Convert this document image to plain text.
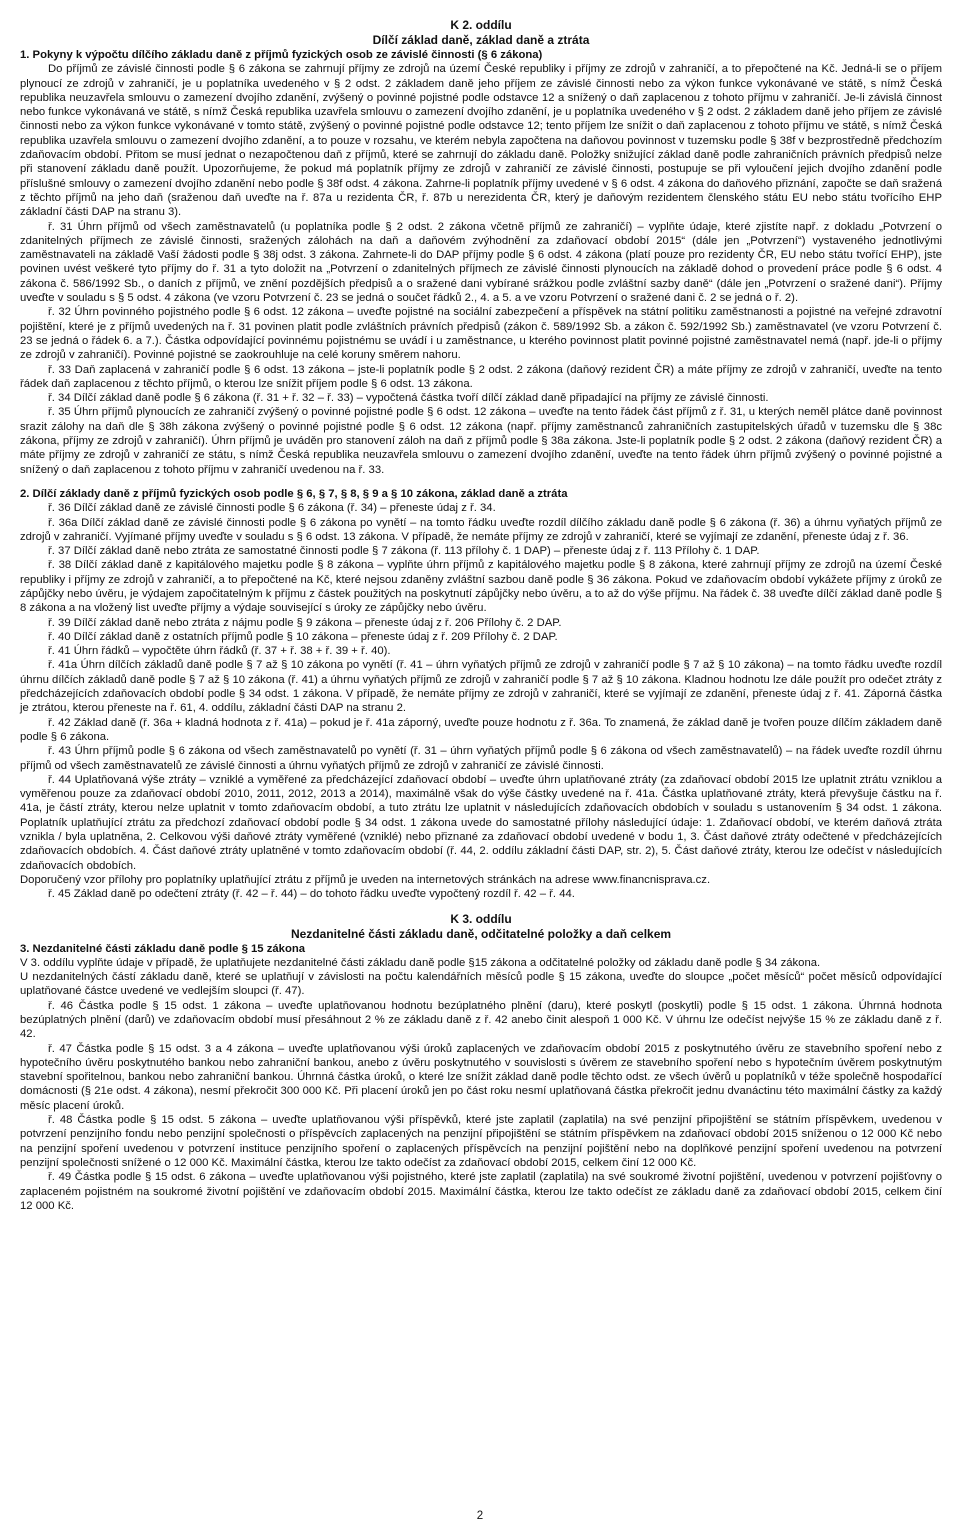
K 2. oddílu
Dílčí základ daně, základ daně a ztráta

1. Pokyny k výpočtu dílčího základu daně z příjmů fyzických osob ze závislé činnosti (§ 6 zákona)

Do příjmů ze závislé činnosti podle § 6 zákona se zahrnují příjmy ze zdrojů na území České republiky i příjmy ze zdrojů v zahraničí, a to přepočtené na Kč. Jedná-li se o příjem plynoucí ze zdrojů v zahraničí, je u poplatníka uvedeného v § 2 odst. 2 základem daně jeho příjem ze závislé činnosti nebo za výkon funkce vykonávané ve státě, s nímž Česká republika neuzavřela smlouvu o zamezení dvojího zdanění, zvýšený o povinné pojistné podle odstavce 12 a snížený o daň zaplacenou z tohoto příjmu v zahraničí. Je-li závislá činnost nebo funkce vykonávaná ve státě, s nímž Česká republika uzavřela smlouvu o zamezení dvojího zdanění, je u poplatníka uvedeného v § 2 odst. 2 základem daně jeho příjem ze závislé činnosti nebo za výkon funkce vykonávané v tomto státě, zvýšený o povinné pojistné podle odstavce 12; tento příjem lze snížit o daň zaplacenou z tohoto příjmu ve státě, s nímž Česká republika uzavřela smlouvu o zamezení dvojího zdanění, a to pouze v rozsahu, ve kterém nebyla započtena na daňovou povinnost v tuzemsku podle § 38f v bezprostředně předchozím zdaňovacím období. Přitom se musí jednat o nezapočtenou daň z příjmů, které se zahrnují do základu daně. Položky snižující základ daně podle zahraničních právních předpisů nelze při stanovení základu daně použít. Upozorňujeme, že pokud má poplatník příjmy ze zdrojů v zahraničí ze závislé činnosti, postupuje se při vyloučení jejich dvojího zdanění podle příslušné smlouvy o zamezení dvojího zdanění nebo podle § 38f odst. 4 zákona. Zahrne-li poplatník příjmy uvedené v § 6 odst. 4 zákona do daňového přiznání, započte se daň sražená z těchto příjmů na jeho daň (sraženou daň uveďte na ř. 87a u rezidenta ČR, ř. 87b u nerezidenta ČR, který je daňovým rezidentem členského státu EU nebo státu tvořícího EHP základní části DAP na stranu 3).

ř. 31 Úhrn příjmů od všech zaměstnavatelů (u poplatníka podle § 2 odst. 2 zákona včetně příjmů ze zahraničí) – vyplňte údaje, které zjistíte např. z dokladu „Potvrzení o zdanitelných příjmech ze závislé činnosti, sražených zálohách na daň a daňovém zvýhodnění za zdaňovací období 2015“ (dále jen „Potvrzení“) vystaveného jednotlivými zaměstnavateli na základě Vaší žádosti podle § 38j odst. 3 zákona. Zahrnete-li do DAP příjmy podle § 6 odst. 4 zákona (platí pouze pro rezidenty ČR, EU nebo státu tvořící EHP), jste povinen uvést veškeré tyto příjmy do ř. 31 a tyto doložit na „Potvrzení o zdanitelných příjmech ze závislé činnosti plynoucích na základě dohod o provedení práce podle § 6 odst. 4 zákona č. 586/1992 Sb., o daních z příjmů, ve znění pozdějších předpisů a o sražené dani vybírané srážkou podle zvláštní sazby daně“ (dále jen „Potvrzení o sražené dani“). Příjmy uveďte v souladu s § 5 odst. 4 zákona (ve vzoru Potvrzení č. 23 se jedná o součet řádků 2., 4. a 5. a ve vzoru Potvrzení o sražené dani č. 2 se jedná o ř. 2).

ř. 32 Úhrn povinného pojistného podle § 6 odst. 12 zákona – uveďte pojistné na sociální zabezpečení a příspěvek na státní politiku zaměstnanosti a pojistné na veřejné zdravotní pojištění, které je z příjmů uvedených na ř. 31 povinen platit podle zvláštních právních předpisů (zákon č. 589/1992 Sb. a zákon č. 592/1992 Sb.) zaměstnavatel (ve vzoru Potvrzení č. 23 se jedná o řádek 6. a 7.). Částka odpovídající povinnému pojistnému se uvádí i u zaměstnance, u kterého povinnost platit povinné pojistné zaměstnavatel nemá (např. jde-li o příjmy ze zdrojů v zahraničí). Povinné pojistné se zaokrouhluje na celé koruny směrem nahoru.

ř. 33 Daň zaplacená v zahraničí podle § 6 odst. 13 zákona – jste-li poplatník podle § 2 odst. 2 zákona (daňový rezident ČR) a máte příjmy ze zdrojů v zahraničí, uveďte na tento řádek daň zaplacenou z těchto příjmů, o kterou lze snížit příjem podle § 6 odst. 13 zákona.

ř. 34 Dílčí základ daně podle § 6 zákona (ř. 31 + ř. 32 – ř. 33) – vypočtená částka tvoří dílčí základ daně připadající na příjmy ze závislé činnosti.

ř. 35 Úhrn příjmů plynoucích ze zahraničí zvýšený o povinné pojistné podle § 6 odst. 12 zákona – uveďte na tento řádek část příjmů z ř. 31, u kterých neměl plátce daně povinnost srazit zálohy na daň dle § 38h zákona zvýšený o povinné pojistné podle § 6 odst. 12 zákona (např. příjmy zaměstnanců zahraničních zastupitelských úřadů v tuzemsku dle § 38c zákona, příjmy ze zdrojů v zahraničí). Úhrn příjmů je uváděn pro stanovení záloh na daň z příjmů podle § 38a zákona. Jste-li poplatník podle § 2 odst. 2 zákona (daňový rezident ČR) a máte příjmy ze zdrojů v zahraničí ze státu, s nímž Česká republika neuzavřela smlouvu o zamezení dvojího zdanění, uveďte na tento řádek úhrn příjmů zvýšený o povinné pojistné a snížený o daň zaplacenou z tohoto příjmu v zahraničí uvedenou na ř. 33.

2. Dílčí základy daně z příjmů fyzických osob podle § 6, § 7, § 8, § 9 a § 10 zákona, základ daně a ztráta

ř. 36 Dílčí základ daně ze závislé činnosti podle § 6 zákona (ř. 34) – přeneste údaj z ř. 34.

ř. 36a Dílčí základ daně ze závislé činnosti podle § 6 zákona po vynětí – na tomto řádku uveďte rozdíl dílčího základu daně podle § 6 zákona (ř. 36) a úhrnu vyňatých příjmů ze zdrojů v zahraničí. Vyjímané příjmy uveďte v souladu s § 6 odst. 13 zákona. V případě, že nemáte příjmy ze zdrojů v zahraničí, které se vyjímají ze zdanění, přeneste údaj z ř. 36.

ř. 37 Dílčí základ daně nebo ztráta ze samostatné činnosti podle § 7 zákona (ř. 113 přílohy č. 1 DAP) – přeneste údaj z ř. 113 Přílohy č. 1 DAP.

ř. 38 Dílčí základ daně z kapitálového majetku podle § 8 zákona – vyplňte úhrn příjmů z kapitálového majetku podle § 8 zákona, které zahrnují příjmy ze zdrojů na území České republiky i příjmy ze zdrojů v zahraničí, a to přepočtené na Kč, které nejsou zdaněny zvláštní sazbou daně podle § 36 zákona. Pokud ve zdaňovacím období vykážete příjmy z úroků ze zápůjčky nebo úvěru, je výdajem započitatelným k příjmu z částek použitých na poskytnutí zápůjčky nebo úvěru, a to až do výše příjmu. Na řádek č. 38 uveďte dílčí základ daně podle § 8 zákona a na vložený list uveďte příjmy a výdaje související s úroky ze zápůjčky nebo úvěru.

ř. 39 Dílčí základ daně nebo ztráta z nájmu podle § 9 zákona – přeneste údaj z ř. 206 Přílohy č. 2 DAP.

ř. 40 Dílčí základ daně z ostatních příjmů podle § 10 zákona – přeneste údaj z ř. 209 Přílohy č. 2 DAP.

ř. 41 Úhrn řádků – vypočtěte úhrn řádků (ř. 37 + ř. 38 + ř. 39 + ř. 40).

ř. 41a Úhrn dílčích základů daně podle § 7 až § 10 zákona po vynětí (ř. 41 – úhrn vyňatých příjmů ze zdrojů v zahraničí podle § 7 až § 10 zákona) – na tomto řádku uveďte rozdíl úhrnu dílčích základů daně podle § 7 až § 10 zákona (ř. 41) a úhrnu vyňatých příjmů ze zdrojů v zahraničí podle § 7 až § 10 zákona. Kladnou hodnotu lze dále použít pro odečet ztráty z předcházejících zdaňovacích období podle § 34 odst. 1 zákona. V případě, že nemáte příjmy ze zdrojů v zahraničí, které se vyjímají ze zdanění, přeneste údaj z ř. 41. Záporná částka je ztrátou, kterou přeneste na ř. 61, 4. oddílu, základní části DAP na stranu 2.

ř. 42 Základ daně (ř. 36a + kladná hodnota z ř. 41a) – pokud je ř. 41a záporný, uveďte pouze hodnotu z ř. 36a. To znamená, že základ daně je tvořen pouze dílčím základem daně podle § 6 zákona.

ř. 43 Úhrn příjmů podle § 6 zákona od všech zaměstnavatelů po vynětí (ř. 31 – úhrn vyňatých příjmů podle § 6 zákona od všech zaměstnavatelů) – na řádek uveďte rozdíl úhrnu příjmů od všech zaměstnavatelů ze závislé činnosti a úhrnu vyňatých příjmů ze zdrojů v zahraničí ze závislé činnosti.

ř. 44 Uplatňovaná výše ztráty – vzniklé a vyměřené za předcházející zdaňovací období – uveďte úhrn uplatňované ztráty (za zdaňovací období 2015 lze uplatnit ztrátu vzniklou a vyměřenou pouze za zdaňovací období 2010, 2011, 2012, 2013 a 2014), maximálně však do výše částky uvedené na ř. 41a. Částka uplatňované ztráty, která převyšuje částku na ř. 41a, je částí ztráty, kterou nelze uplatnit v tomto zdaňovacím období, a tuto ztrátu lze uplatnit v následujících zdaňovacích obdobích v souladu s ustanovením § 34 odst. 1 zákona. Poplatník uplatňující ztrátu za předchozí zdaňovací období podle § 34 odst. 1 zákona uvede do samostatné přílohy následující údaje: 1. Zdaňovací období, ve kterém daňová ztráta vznikla / byla uplatněna, 2. Celkovou výši daňové ztráty vyměřené (vzniklé) nebo přiznané za zdaňovací období uvedené v bodu 1, 3. Část daňové ztráty odečtené v předcházejících zdaňovacích obdobích. 4. Část daňové ztráty uplatněné v tomto zdaňovacím období (ř. 44, 2. oddílu základní části DAP, str. 2), 5. Část daňové ztráty, kterou lze odečíst v následujících zdaňovacích obdobích.

Doporučený vzor přílohy pro poplatníky uplatňující ztrátu z příjmů je uveden na internetových stránkách na adrese www.financnisprava.cz.

ř. 45 Základ daně po odečtení ztráty (ř. 42 – ř. 44) – do tohoto řádku uveďte vypočtený rozdíl ř. 42 – ř. 44.

K 3. oddílu
Nezdanitelné části základu daně, odčitatelné položky a daň celkem

3. Nezdanitelné části základu daně podle § 15 zákona

V 3. oddílu vyplňte údaje v případě, že uplatňujete nezdanitelné části základu daně podle §15 zákona a odčitatelné položky od základu daně podle § 34 zákona.

U nezdanitelných částí základu daně, které se uplatňují v závislosti na počtu kalendářních měsíců podle § 15 zákona, uveďte do sloupce „počet měsíců“ počet měsíců odpovídající uplatňované částce uvedené ve vedlejším sloupci (ř. 47).

ř. 46 Částka podle § 15 odst. 1 zákona – uveďte uplatňovanou hodnotu bezúplatného plnění (daru), které poskytl (poskytli) podle § 15 odst. 1 zákona. Úhrnná hodnota bezúplatných plnění (darů) ve zdaňovacím období musí přesáhnout 2 % ze základu daně z ř. 42 anebo činit alespoň 1 000 Kč. V úhrnu lze odečíst nejvýše 15 % ze základu daně z ř. 42.

ř. 47 Částka podle § 15 odst. 3 a 4 zákona – uveďte uplatňovanou výši úroků zaplacených ve zdaňovacím období 2015 z poskytnutého úvěru ze stavebního spoření nebo z hypotečního úvěru poskytnutého bankou nebo zahraniční bankou, anebo z úvěru poskytnutého v souvislosti s úvěrem ze stavebního spoření nebo s hypotečním úvěrem poskytnutým stavební spořitelnou, bankou nebo zahraniční bankou. Úhrnná částka úroků, o které lze snížit základ daně podle těchto odst. ze všech úvěrů u poplatníků v téže společně hospodařící domácnosti (§ 21e odst. 4 zákona), nesmí překročit 300 000 Kč. Při placení úroků jen po část roku nesmí uplatňovaná částka překročit jednu dvanáctinu této maximální částky za každý měsíc placení úroků.

ř. 48 Částka podle § 15 odst. 5 zákona – uveďte uplatňovanou výši příspěvků, které jste zaplatil (zaplatila) na své penzijní připojištění se státním příspěvkem, uvedenou v potvrzení penzijního fondu nebo penzijní společnosti o příspěvcích zaplacených na penzijní připojištění se státním příspěvkem na zdaňovací období 2015 sníženou o 12 000 Kč nebo na penzijní spoření uvedenou v potvrzení instituce penzijního spoření o zaplacených příspěvcích na penzijní pojištění nebo na doplňkové penzijní spoření uvedenou na potvrzení penzijní společnosti snížené o 12 000 Kč. Maximální částka, kterou lze takto odečíst za zdaňovací období 2015, celkem činí 12 000 Kč.

ř. 49 Částka podle § 15 odst. 6 zákona – uveďte uplatňovanou výši pojistného, které jste zaplatil (zaplatila) na své soukromé životní pojištění, uvedenou v potvrzení pojišťovny o zaplaceném pojistném na soukromé životní pojištění ve zdaňovacím období 2015. Maximální částka, kterou lze takto odečíst ze základu daně za zdaňovací období 2015, celkem činí 12 000 Kč.

2
